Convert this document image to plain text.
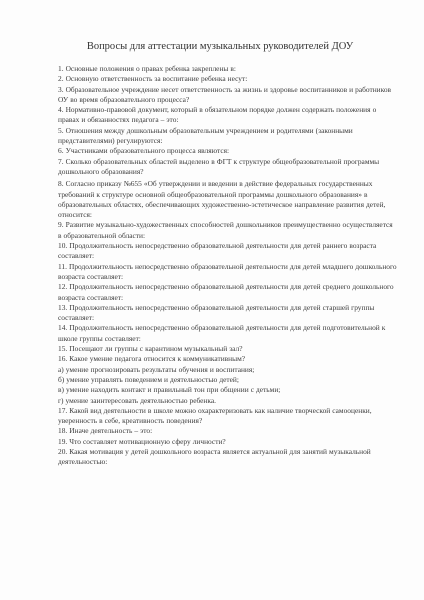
Вопросы для аттестации музыкальных руководителей ДОУ
1. Основные положения о правах ребенка закреплены в:
2. Основную ответственность за воспитание ребенка несут:
3. Образовательное учреждение несет ответственность за жизнь и здоровье воспитанников и работников ОУ во время образовательного процесса?
4. Нормативно-правовой документ, который в обязательном порядке должен содержать положения о правах и обязанностях педагога – это:
5. Отношения между дошкольным образовательным учреждением и родителями (законными представителями) регулируются:
6. Участниками образовательного процесса являются:
7. Сколько образовательных областей выделено в ФГТ к структуре общеобразовательной программы дошкольного образования?
8. Согласно приказу №655 «Об утверждении и введении в действие федеральных государственных требований к структуре основной общеобразовательной программы дошкольного образования» в образовательных областях, обеспечивающих художественно-эстетическое направление развития детей, относится:
9. Развитие музыкально-художественных способностей дошкольников преимущественно осуществляется в образовательной области:
10. Продолжительность непосредственно образовательной деятельности для детей раннего возраста составляет:
11. Продолжительность непосредственно образовательной деятельности для детей младшего дошкольного возраста составляет:
12. Продолжительность непосредственно образовательной деятельности для детей среднего дошкольного возраста составляет:
13. Продолжительность непосредственно образовательной деятельности для детей старшей группы составляет:
14. Продолжительность непосредственно образовательной деятельности для детей подготовительной к школе группы составляет:
15. Посещают ли группы с карантином музыкальный зал?
16. Какое умение педагога относится к коммуникативным?
а) умение прогнозировать результаты обучения и воспитания;
б) умение управлять поведением и деятельностью детей;
в) умение находить контакт и правильный тон при общении с детьми;
г) умение заинтересовать деятельностью ребенка.
17. Какой вид деятельности в школе можно охарактеризовать как наличие творческой самооценки, уверенность в себе, креативность поведения?
18. Иначе деятельность – это:
19. Что составляет мотивационную сферу личности?
20. Какая мотивация у детей дошкольного возраста является актуальной для занятий музыкальной деятельностью:
